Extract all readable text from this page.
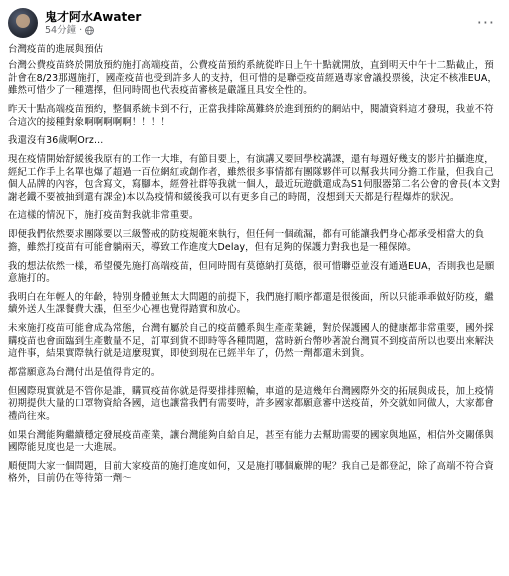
鬼才阿水Awater
54分鐘 ·	···

台灣疫苗的進展與預估

台灣公費疫苗終於開放預約施打高端疫苗，公費疫苗預約系統從昨日上午十點就開放，直到明天中午十二點截止，預計會在8/23那週施打，國產疫苗也受到許多人的支持，但可惜的是聯亞疫苗經過專家會議投票後，決定不核准EUA，雖然可惜少了一種選擇，但同時間也代表疫苗審核是嚴謹且具安全性的。

昨天十點高端疫苗預約，整個系統卡到不行，正當我排除萬難終於進到預約的網站中，閱讀資料這才發現，我並不符合這次的接種對象啊啊啊啊啊！！！！

我還沒有36歲啊Orz...

現在疫情開始舒緩後我原有的工作一大堆，有節目要上，有演講又要回學校講課，還有每週好幾支的影片拍攝進度，經紀工作手上名單也爆了超過一百位網紅或創作者，雖然很多事情都有團隊夥伴可以幫我共同分擔工作量，但我自己個人品牌的內容，包含寫文，寫腳本，經營社群等我就一個人，最近玩遊戲還成為S1伺服器第二名公會的會長(本文對謝老鐵不要被抽到還有課金)本以為疫情和緩後我可以有更多自己的時間，沒想到天天都是行程爆炸的狀況。

在這樣的情況下，施打疫苗對我就非常重要。

即便我們依然要求團隊要以三級警戒的防疫規範來執行，但任何一個疏漏，都有可能讓我們身心都承受相當大的負擔，雖然打疫苗有可能會躺兩天，導致工作進度大Delay，但有足夠的保護力對我也是一種保障。

我的想法依然一樣，希望優先施打高端疫苗，但同時間有莫德納打莫德，很可惜聯亞並沒有通過EUA，否則我也是願意施打的。

我明白在年輕人的年齡，特別身體並無太大問題的前提下，我們施打順序都還是很後面，所以只能乖乖做好防疫，繼續外送人生課餐費大漲，但至少心裡也覺得踏實和放心。

未來施打疫苗可能會成為常態，台灣有屬於自己的疫苗體系與生產產業鏈，對於保護國人的健康都非常重要，國外採購疫苗也會面臨到生產數量不足，訂單到貨不即時等各種問題，當時新台幣吵著說台灣買不到疫苗所以也要出來解決這件事，結果實際執行就是這麼現實，即使到現在已經半年了，仍然一劑都還未到貨。

都當願意為台灣付出是值得肯定的。

但國際現實就是不管你是誰，購買疫苗你就是得要排排照輪，車道的是這幾年台灣國際外交的拓展與成長，加上疫情初期提供大量的口罩物資給各國，這也讓當我們有需要時，許多國家都願意審中送疫苗，外交就如同做人，大家都會禮尚往來。

如果台灣能夠繼續穩定發展疫苗產業，讓台灣能夠自給自足，甚至有能力去幫助需要的國家與地區，相信外交關係與國際能見度也是一大進展。

順便問大家一個問題，目前大家疫苗的施打進度如何，又是施打哪個廠牌的呢？我自己是都登記，除了高端不符合資格外，目前仍在等待第一劑～
